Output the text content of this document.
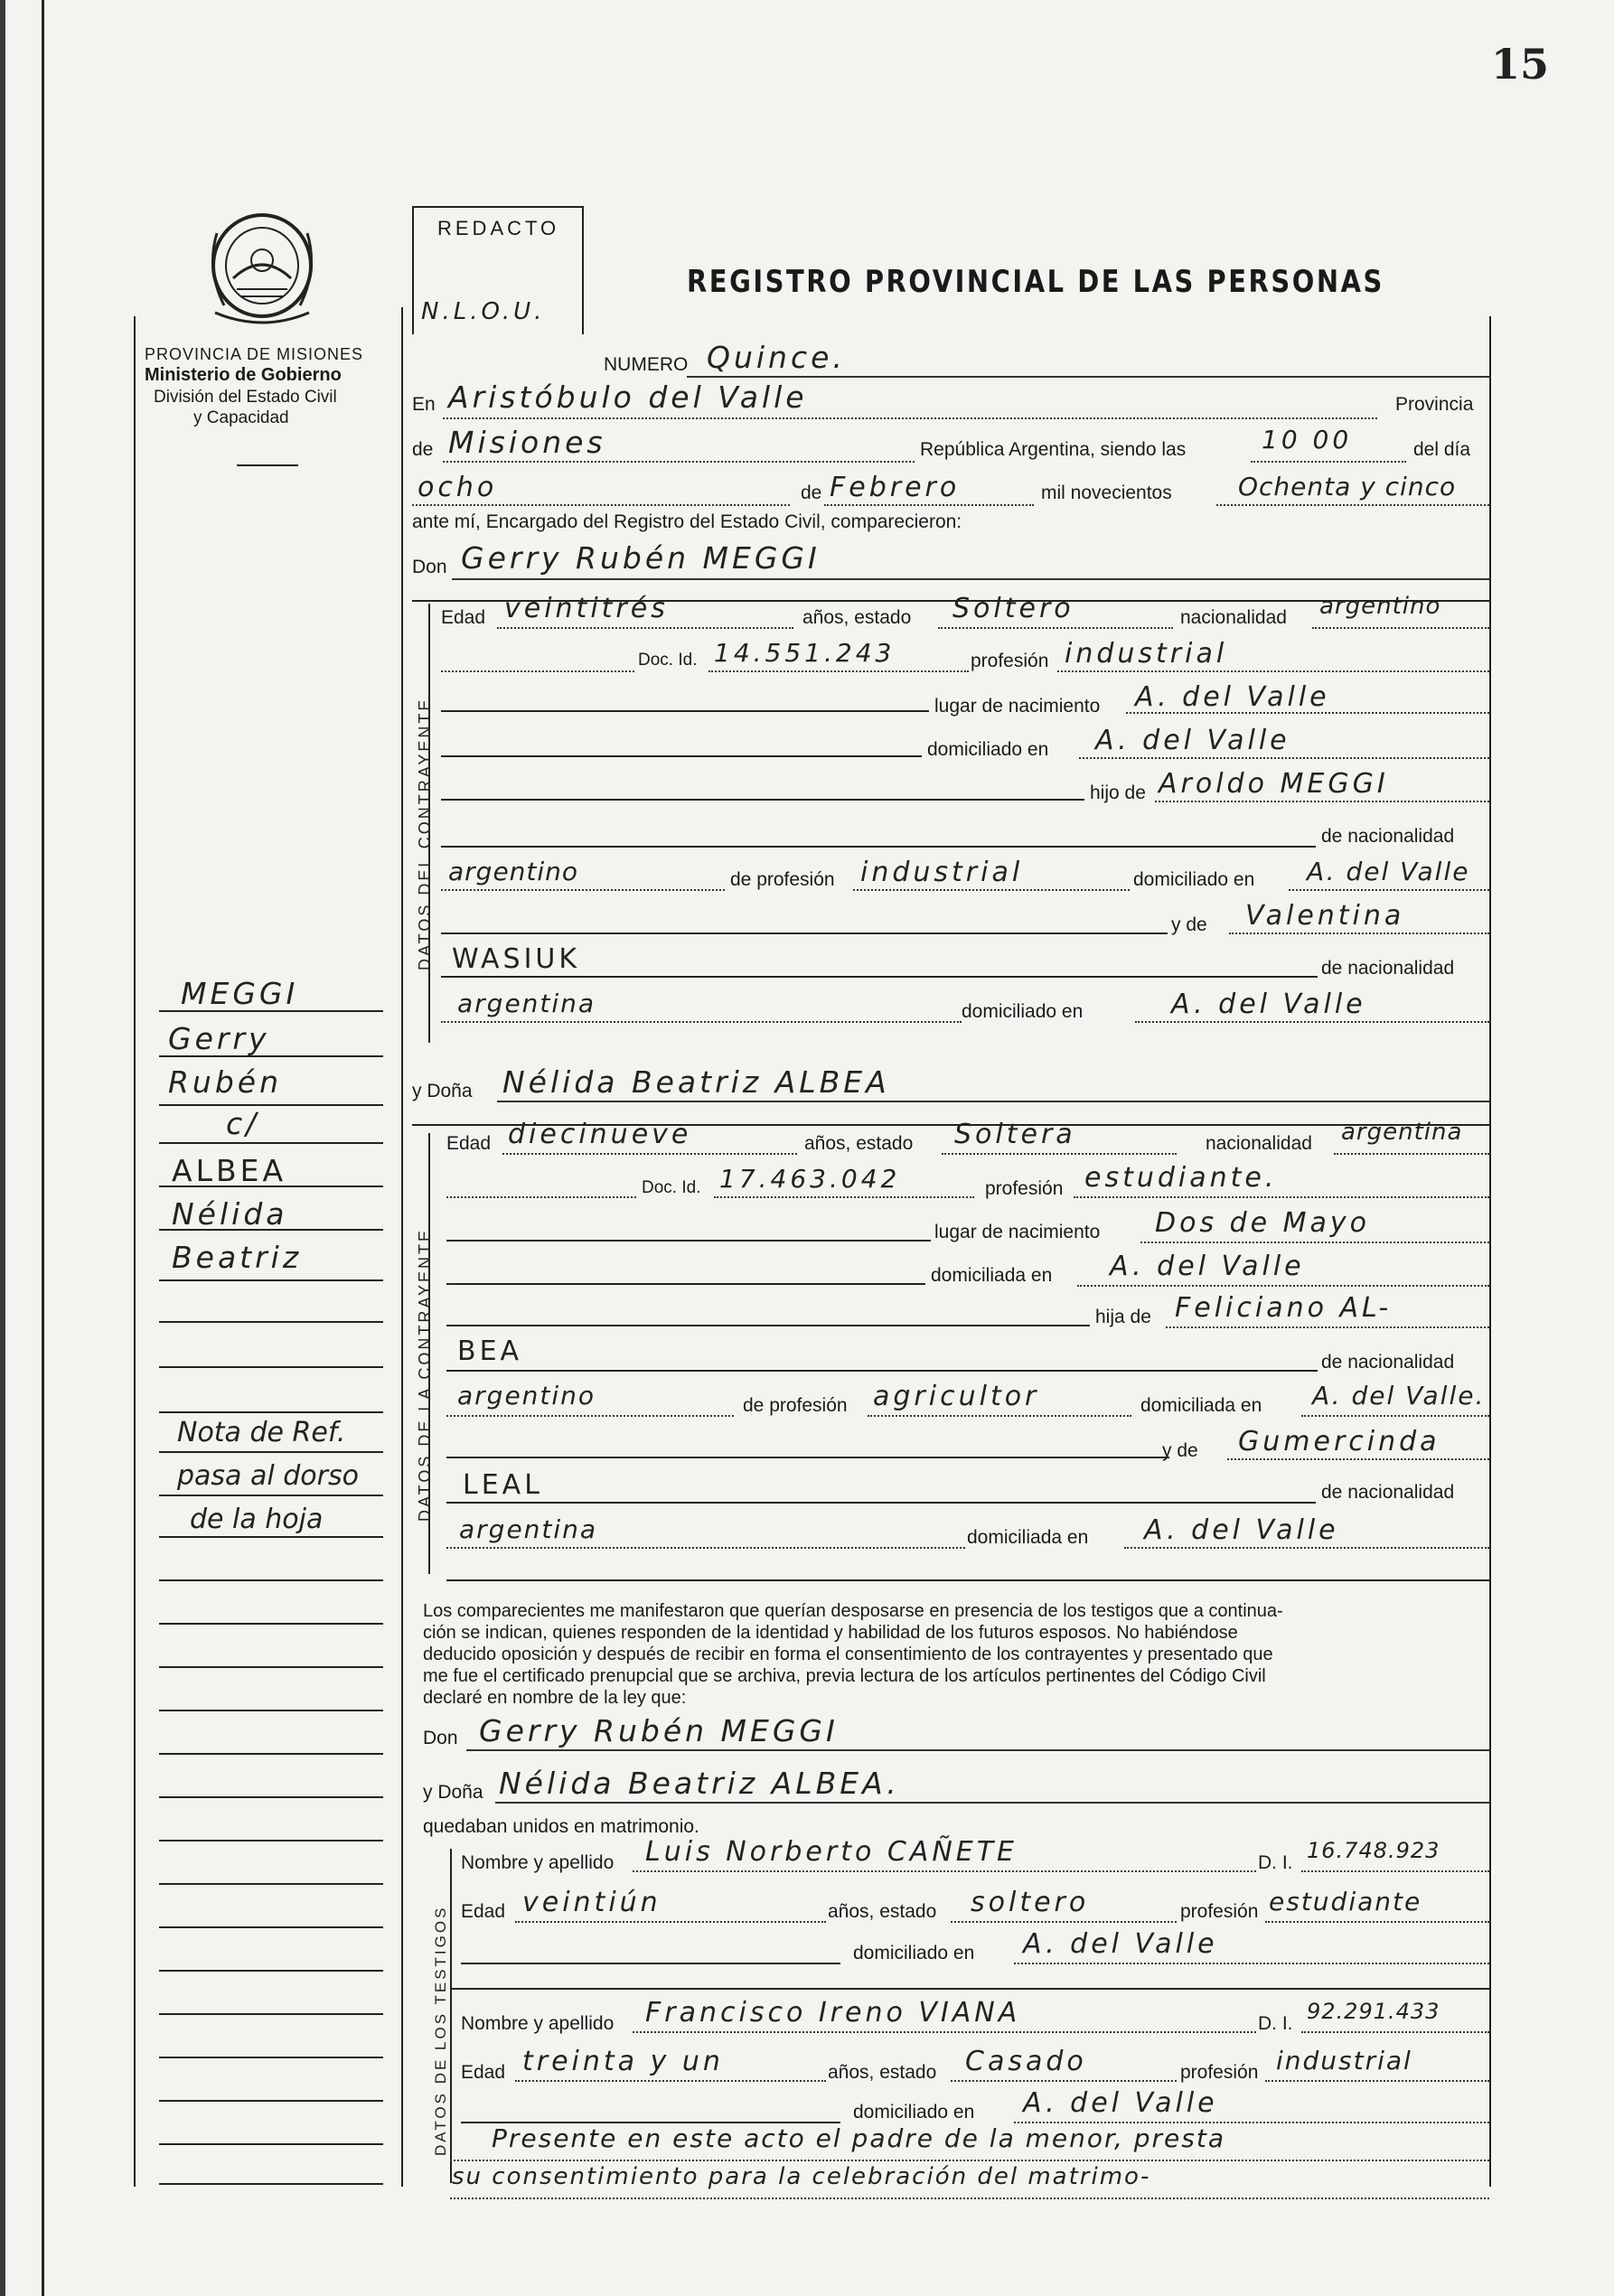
15
REDACTO
N.L.O.U.
REGISTRO PROVINCIAL DE LAS PERSONAS
PROVINCIA DE MISIONES
Ministerio de Gobierno
División del Estado Civil
y Capacidad
MEGGI
Gerry
Rubén
c/
ALBEA
Nélida
Beatriz
Nota de Ref.
pasa al dorso
de la hoja
NUMERO Quince.
En Aristóbulo del Valle	Provincia
de Misiones	República Argentina, siendo las	10 00	del día
ocho	de Febrero	mil novecientos	Ochenta y cinco
ante mí, Encargado del Registro del Estado Civil, comparecieron:
Don Gerry Rubén MEGGI
DATOS DEL CONTRAYENTE
Edad veintitrés	años, estado Soltero	nacionalidad argentino
Doc. Id. 14.551.243	profesión industrial
lugar de nacimiento A. del Valle
domiciliado en A. del Valle
hijo de Aroldo MEGGI
de nacionalidad
argentino	de profesión industrial	domiciliado en A. del Valle
y de Valentina
WASIUK	de nacionalidad
argentina	domiciliado en	A. del Valle
y Doña Nélida Beatriz ALBEA
DATOS DE LA CONTRAYENTE
Edad diecinueve	años, estado Soltera	nacionalidad argentina
Doc. Id. 17.463.042	profesión estudiante.
lugar de nacimiento Dos de Mayo
domiciliada en A. del Valle
hija de Feliciano AL-
BEA	de nacionalidad
argentino	de profesión agricultor	domiciliada en A. del Valle.
y de Gumercinda
LEAL	de nacionalidad
argentina	domiciliada en A. del Valle
Los comparecientes me manifestaron que querían desposarse en presencia de los testigos que a continua-
ción se indican, quienes responden de la identidad y habilidad de los futuros esposos. No habiéndose
deducido oposición y después de recibir en forma el consentimiento de los contrayentes y presentado que
me fue el certificado prenupcial que se archiva, previa lectura de los artículos pertinentes del Código Civil
declaré en nombre de la ley que:
Don Gerry Rubén MEGGI
y Doña Nélida Beatriz ALBEA.
quedaban unidos en matrimonio.
DATOS DE LOS TESTIGOS
Nombre y apellido Luis Norberto CAÑETE	D. I. 16.748.923
Edad veintiún	años, estado soltero	profesión estudiante
domiciliado en A. del Valle
Nombre y apellido Francisco Ireno VIANA	D. I. 92.291.433
Edad treinta y un	años, estado Casado	profesión industrial
domiciliado en A. del Valle
Presente en este acto el padre de la menor, presta
su consentimiento para la celebración del matrimo-
